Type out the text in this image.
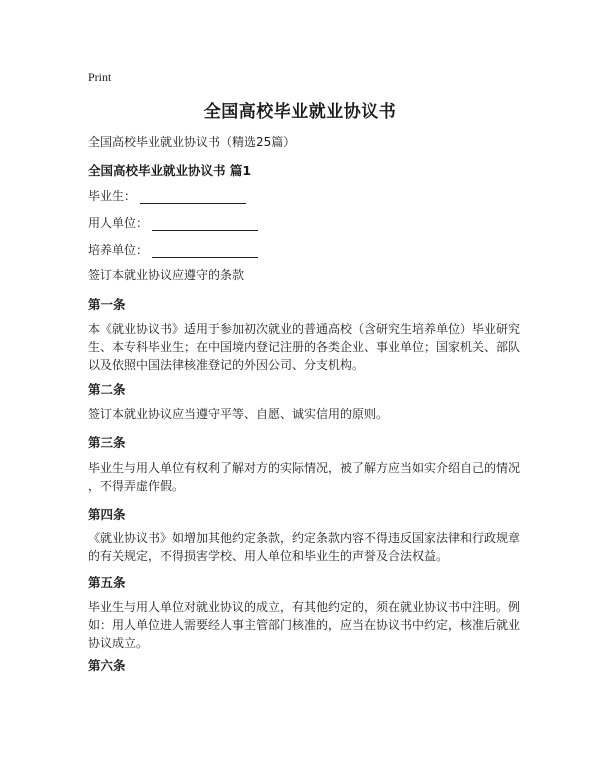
Print
全国高校毕业就业协议书
全国高校毕业就业协议书（精选25篇）
全国高校毕业就业协议书 篇1
毕业生：
用人单位：
培养单位：
签订本就业协议应遵守的条款
第一条
本《就业协议书》适用于参加初次就业的普通高校（含研究生培养单位）毕业研究
生、本专科毕业生；在中国境内登记注册的各类企业、事业单位；国家机关、部队
以及依照中国法律核准登记的外因公司、分支机构。
第二条
签订本就业协议应当遵守平等、自愿、诚实信用的原则。
第三条
毕业生与用人单位有权利了解对方的实际情况，被了解方应当如实介绍自己的情况
，不得弄虚作假。
第四条
《就业协议书》如增加其他约定条款，约定条款内容不得违反国家法律和行政规章
的有关规定，不得损害学校、用人单位和毕业生的声誉及合法权益。
第五条
毕业生与用人单位对就业协议的成立，有其他约定的，须在就业协议书中注明。例
如：用人单位进人需要经人事主管部门核准的，应当在协议书中约定，核准后就业
协议成立。
第六条
